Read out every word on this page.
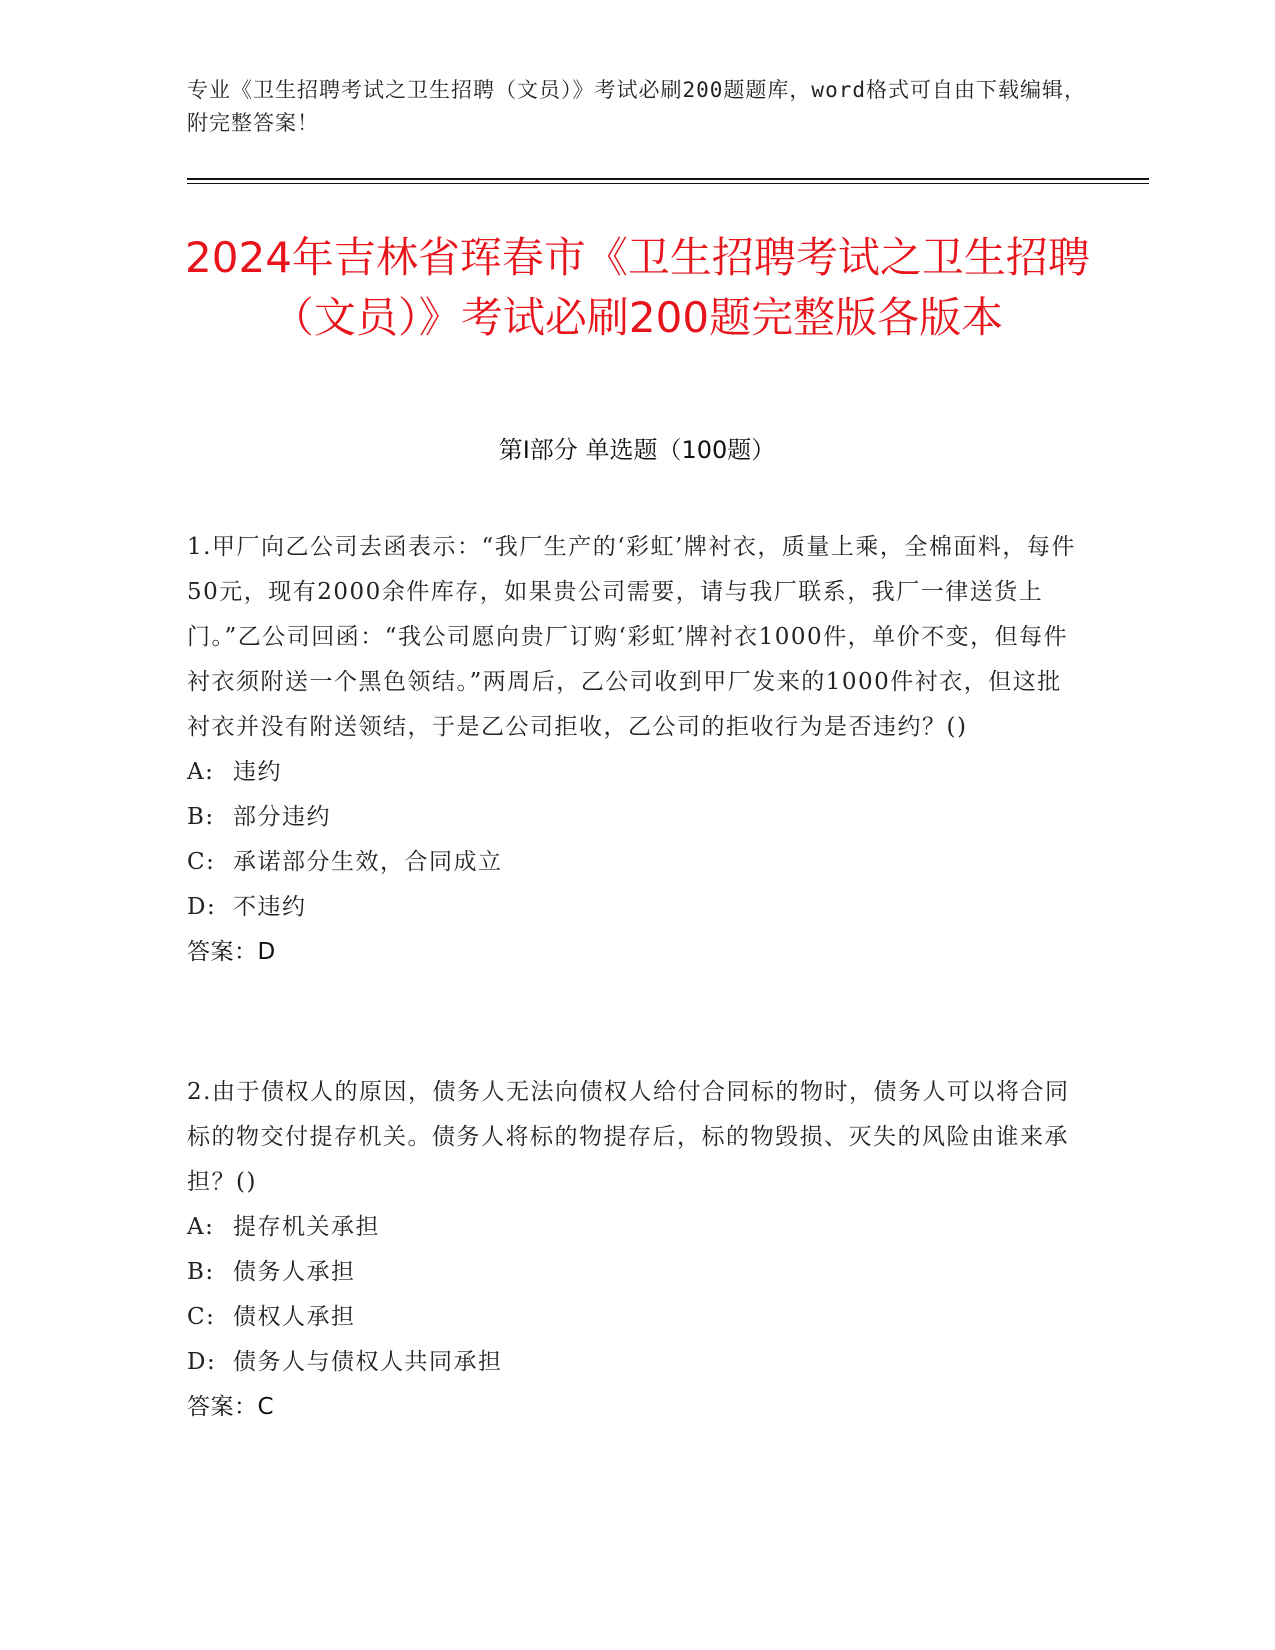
专业《卫生招聘考试之卫生招聘（文员）》考试必刷200题题库，word格式可自由下载编辑，附完整答案！
2024年吉林省珲春市《卫生招聘考试之卫生招聘（文员）》考试必刷200题完整版各版本
第Ⅰ部分 单选题（100题）

1.甲厂向乙公司去函表示：“我厂生产的‘彩虹’牌衬衣，质量上乘，全棉面料，每件50元，现有2000余件库存，如果贵公司需要，请与我厂联系，我厂一律送货上门。”乙公司回函：“我公司愿向贵厂订购‘彩虹’牌衬衣1000件，单价不变，但每件衬衣须附送一个黑色领结。”两周后，乙公司收到甲厂发来的1000件衬衣，但这批衬衣并没有附送领结，于是乙公司拒收，乙公司的拒收行为是否违约？()

A: 违约
B: 部分违约
C: 承诺部分生效，合同成立
D: 不违约

答案：D

2.由于债权人的原因，债务人无法向债权人给付合同标的物时，债务人可以将合同标的物交付提存机关。债务人将标的物提存后，标的物毁损、灭失的风险由谁来承担？()

A: 提存机关承担
B: 债务人承担
C: 债权人承担
D: 债务人与债权人共同承担

答案：C
